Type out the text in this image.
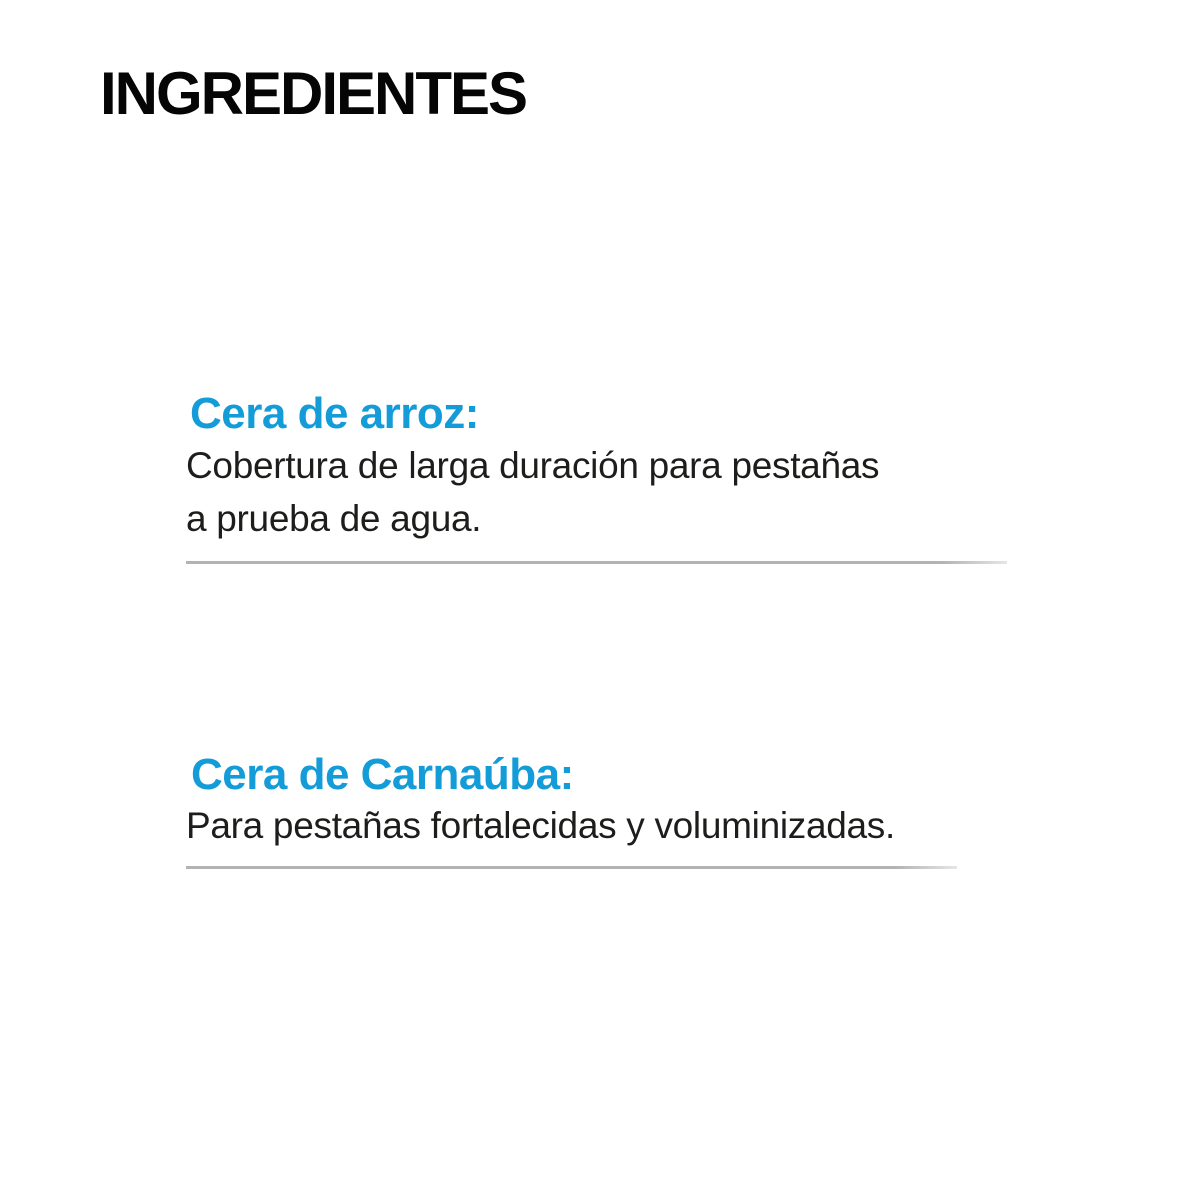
INGREDIENTES
Cera de arroz:

Cobertura de larga duración para pestañas
a prueba de agua.

Cera de Carnaúba:

Para pestañas fortalecidas y voluminizadas.
